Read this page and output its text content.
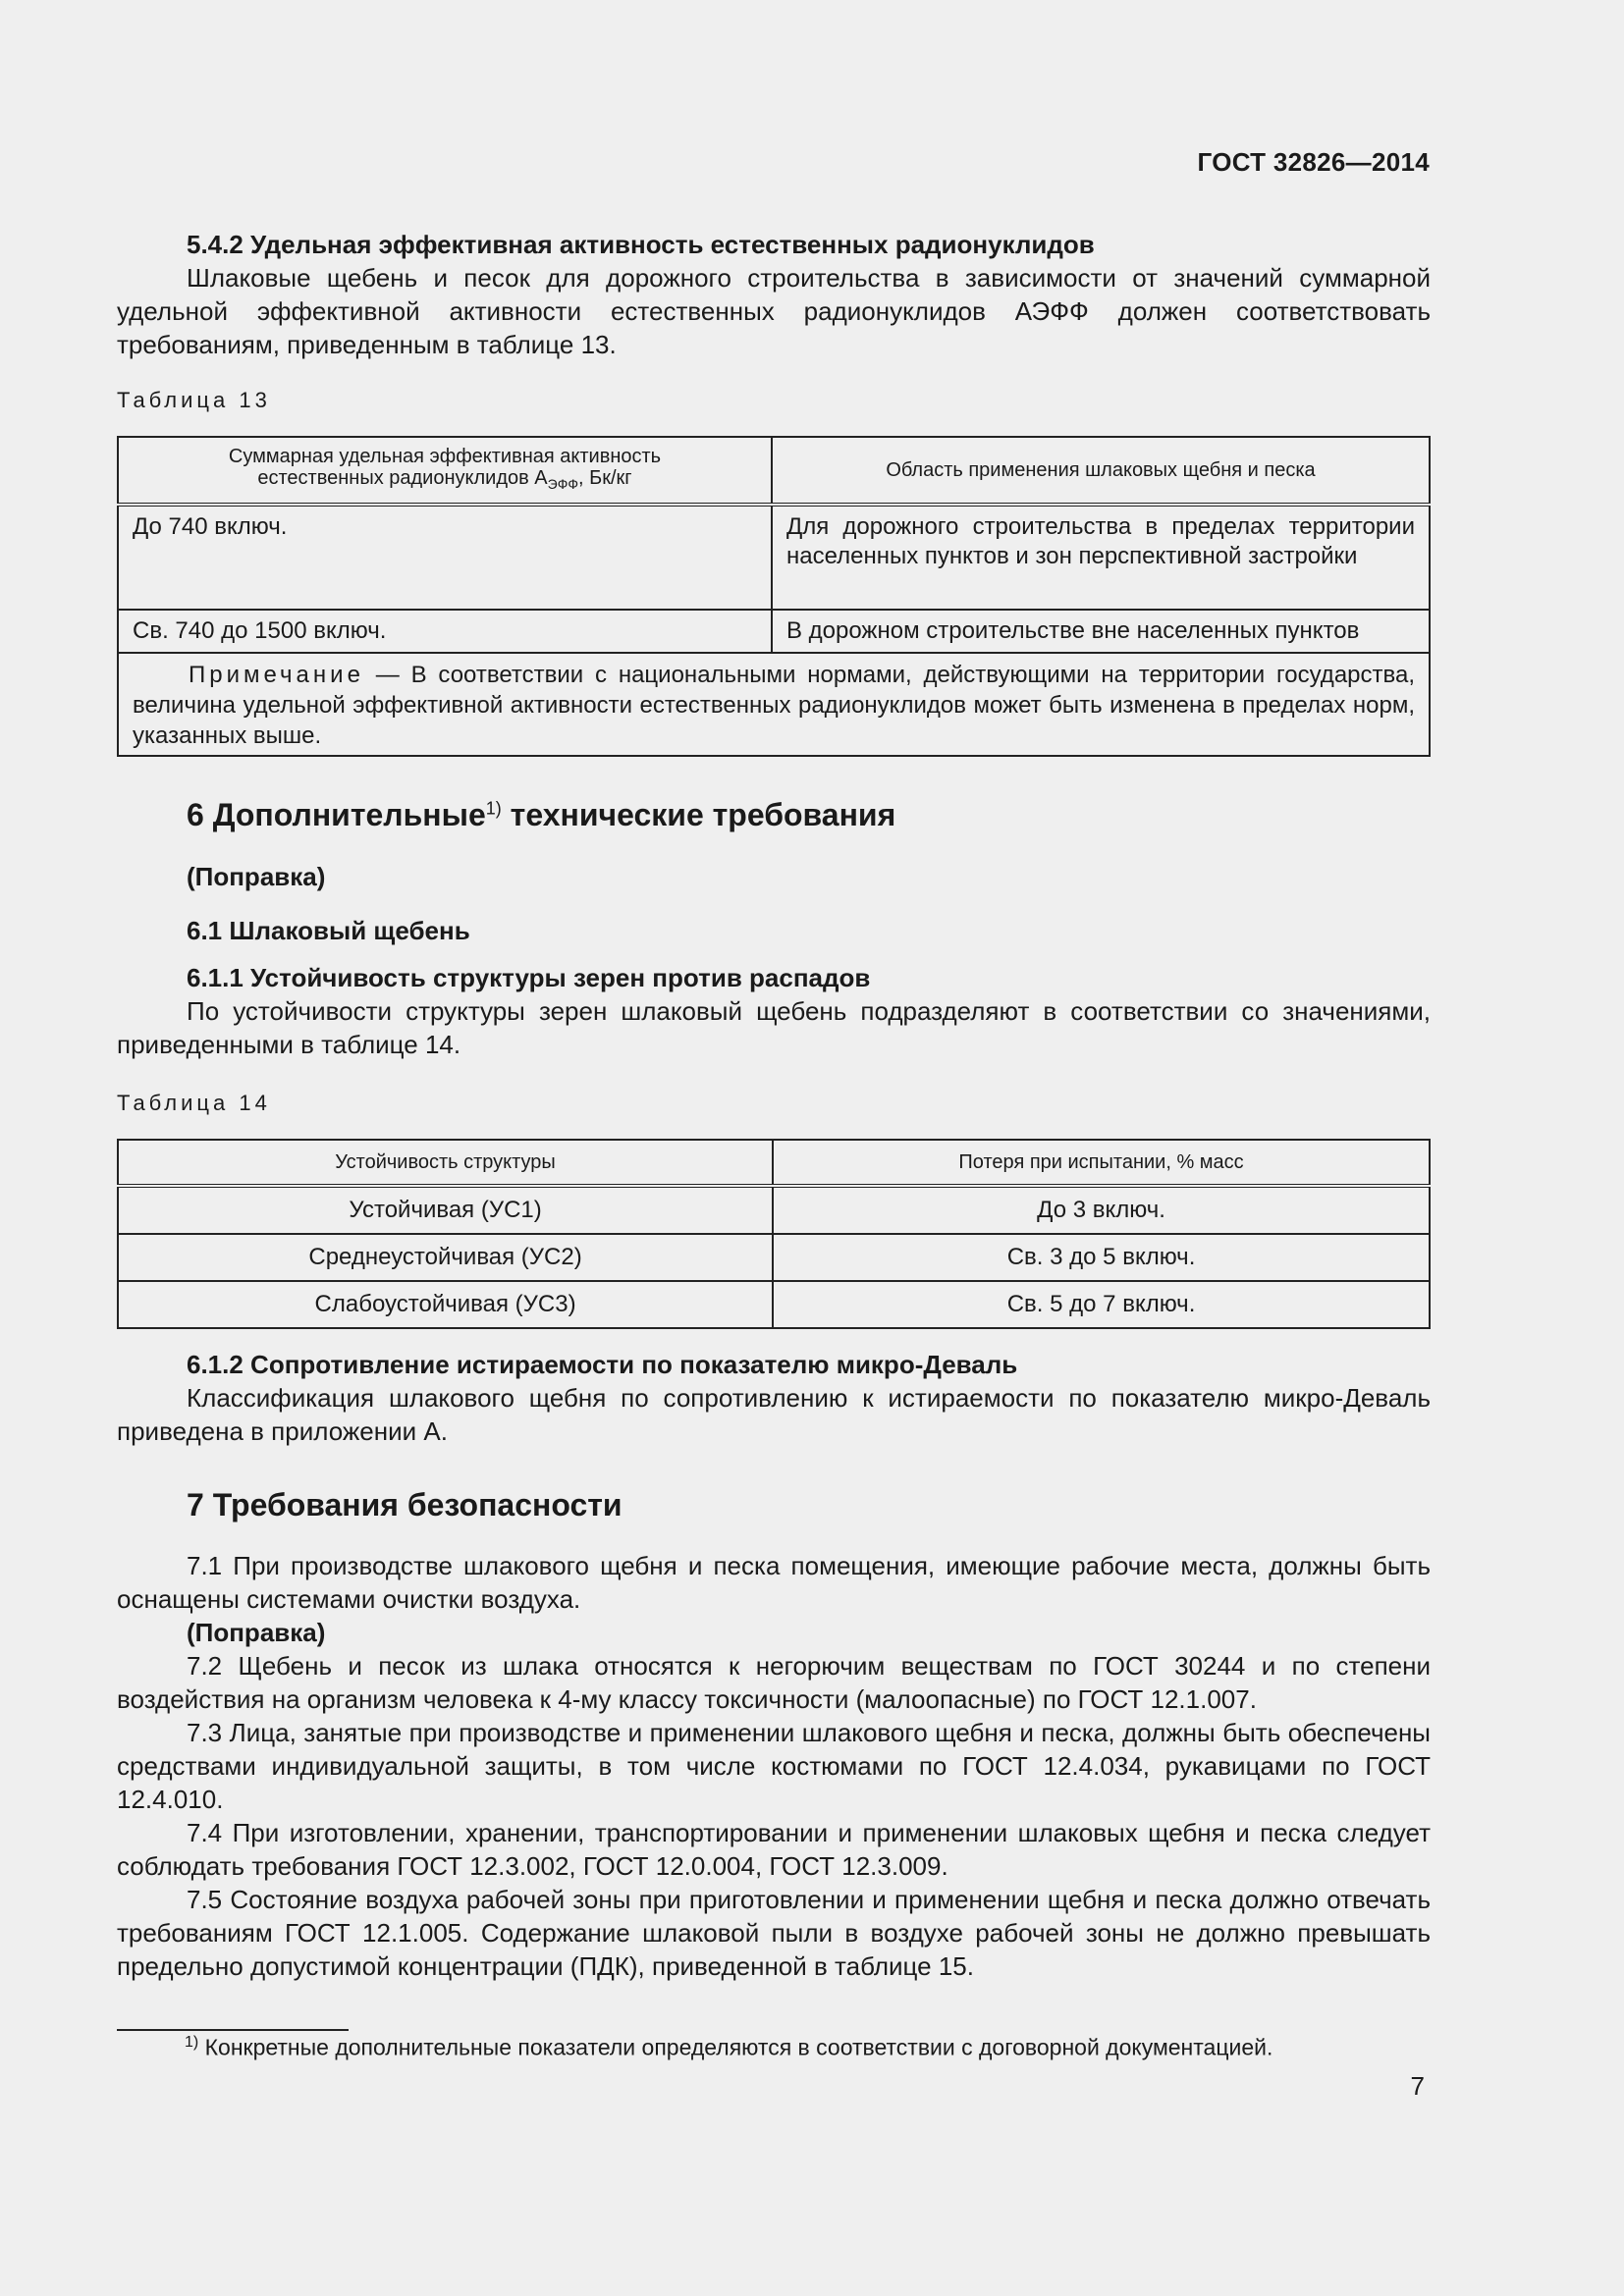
ГОСТ 32826—2014

5.4.2 Удельная эффективная активность естественных радионуклидов

Шлаковые щебень и песок для дорожного строительства в зависимости от значений суммарной удельной эффективной активности естественных радионуклидов АЭФФ должен соответствовать требованиям, приведенным в таблице 13.

Таблица 13

Суммарная удельная эффективная активность
естественных радионуклидов $А_{ЭФФ}$, Бк/кг	Область применения шлаковых щебня и песка
До 740 включ.	Для дорожного строительства в пределах территории населенных пунктов и зон перспективной застройки
Св. 740 до 1500 включ.	В дорожном строительстве вне населенных пунктов
Примечание — В соответствии с национальными нормами, действующими на территории государства, величина удельной эффективной активности естественных радионуклидов может быть изменена в пределах норм, указанных выше.	

6 Дополнительные$^{1)}$ технические требования

(Поправка)

6.1 Шлаковый щебень

6.1.1 Устойчивость структуры зерен против распадов

По устойчивости структуры зерен шлаковый щебень подразделяют в соответствии со значениями, приведенными в таблице 14.

Таблица 14

Устойчивость структуры	Потеря при испытании, % масс
Устойчивая (УС1)	До 3 включ.
Среднеустойчивая (УС2)	Св. 3 до 5 включ.
Слабоустойчивая (УС3)	Св. 5 до 7 включ.

6.1.2 Сопротивление истираемости по показателю микро-Деваль

Классификация шлакового щебня по сопротивлению к истираемости по показателю микро-Деваль приведена в приложении А.

7 Требования безопасности

7.1 При производстве шлакового щебня и песка помещения, имеющие рабочие места, должны быть оснащены системами очистки воздуха.

(Поправка)

7.2 Щебень и песок из шлака относятся к негорючим веществам по ГОСТ 30244 и по степени воздействия на организм человека к 4-му классу токсичности (малоопасные) по ГОСТ 12.1.007.

7.3 Лица, занятые при производстве и применении шлакового щебня и песка, должны быть обеспечены средствами индивидуальной защиты, в том числе костюмами по ГОСТ 12.4.034, рукавицами по ГОСТ 12.4.010.

7.4 При изготовлении, хранении, транспортировании и применении шлаковых щебня и песка следует соблюдать требования ГОСТ 12.3.002, ГОСТ 12.0.004, ГОСТ 12.3.009.

7.5 Состояние воздуха рабочей зоны при приготовлении и применении щебня и песка должно отвечать требованиям ГОСТ 12.1.005. Содержание шлаковой пыли в воздухе рабочей зоны не должно превышать предельно допустимой концентрации (ПДК), приведенной в таблице 15.

$^{1)}$ Конкретные дополнительные показатели определяются в соответствии с договорной документацией.
7
